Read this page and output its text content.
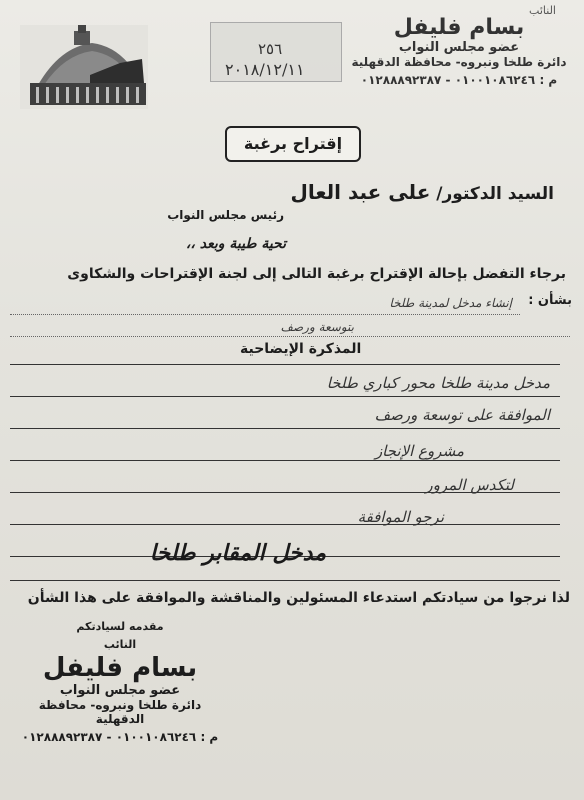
النائب
بسام فليفل
عضو مجلس النواب
دائرة طلخا ونبروه- محافظة الدقهلية
م : ٠١٠٠١٠٨٦٢٤٦ - ٠١٢٨٨٨٩٢٣٨٧
٢٥٦
٢٠١٨/١٢/١١
إقتراح برغبة
السيد الدكتور/ على عبد العال
رئيس مجلس النواب
تحية طيبة وبعد ،،
برجاء التفضل بإحالة الإقتراح برغبة التالى إلى لجنة الإقتراحات والشكاوى
بشأن :
إنشاء مدخل لمدينة طلخا
بتوسعة ورصف
المذكرة الإيضاحية
مدخل مدينة طلخا محور كباري طلخا
الموافقة على توسعة ورصف
مشروع الإنجاز
لتكدس المرور
نرجو الموافقة
مدخل المقابر طلخا
لذا نرجوا من سيادتكم استدعاء المسئولين والمناقشة والموافقة على هذا الشأن
مقدمه لسيادتكم
النائب
بسام فليفل
عضو مجلس النواب
دائرة طلخا ونبروه- محافظة الدقهلية
م : ٠١٠٠١٠٨٦٢٤٦ - ٠١٢٨٨٨٩٢٣٨٧
